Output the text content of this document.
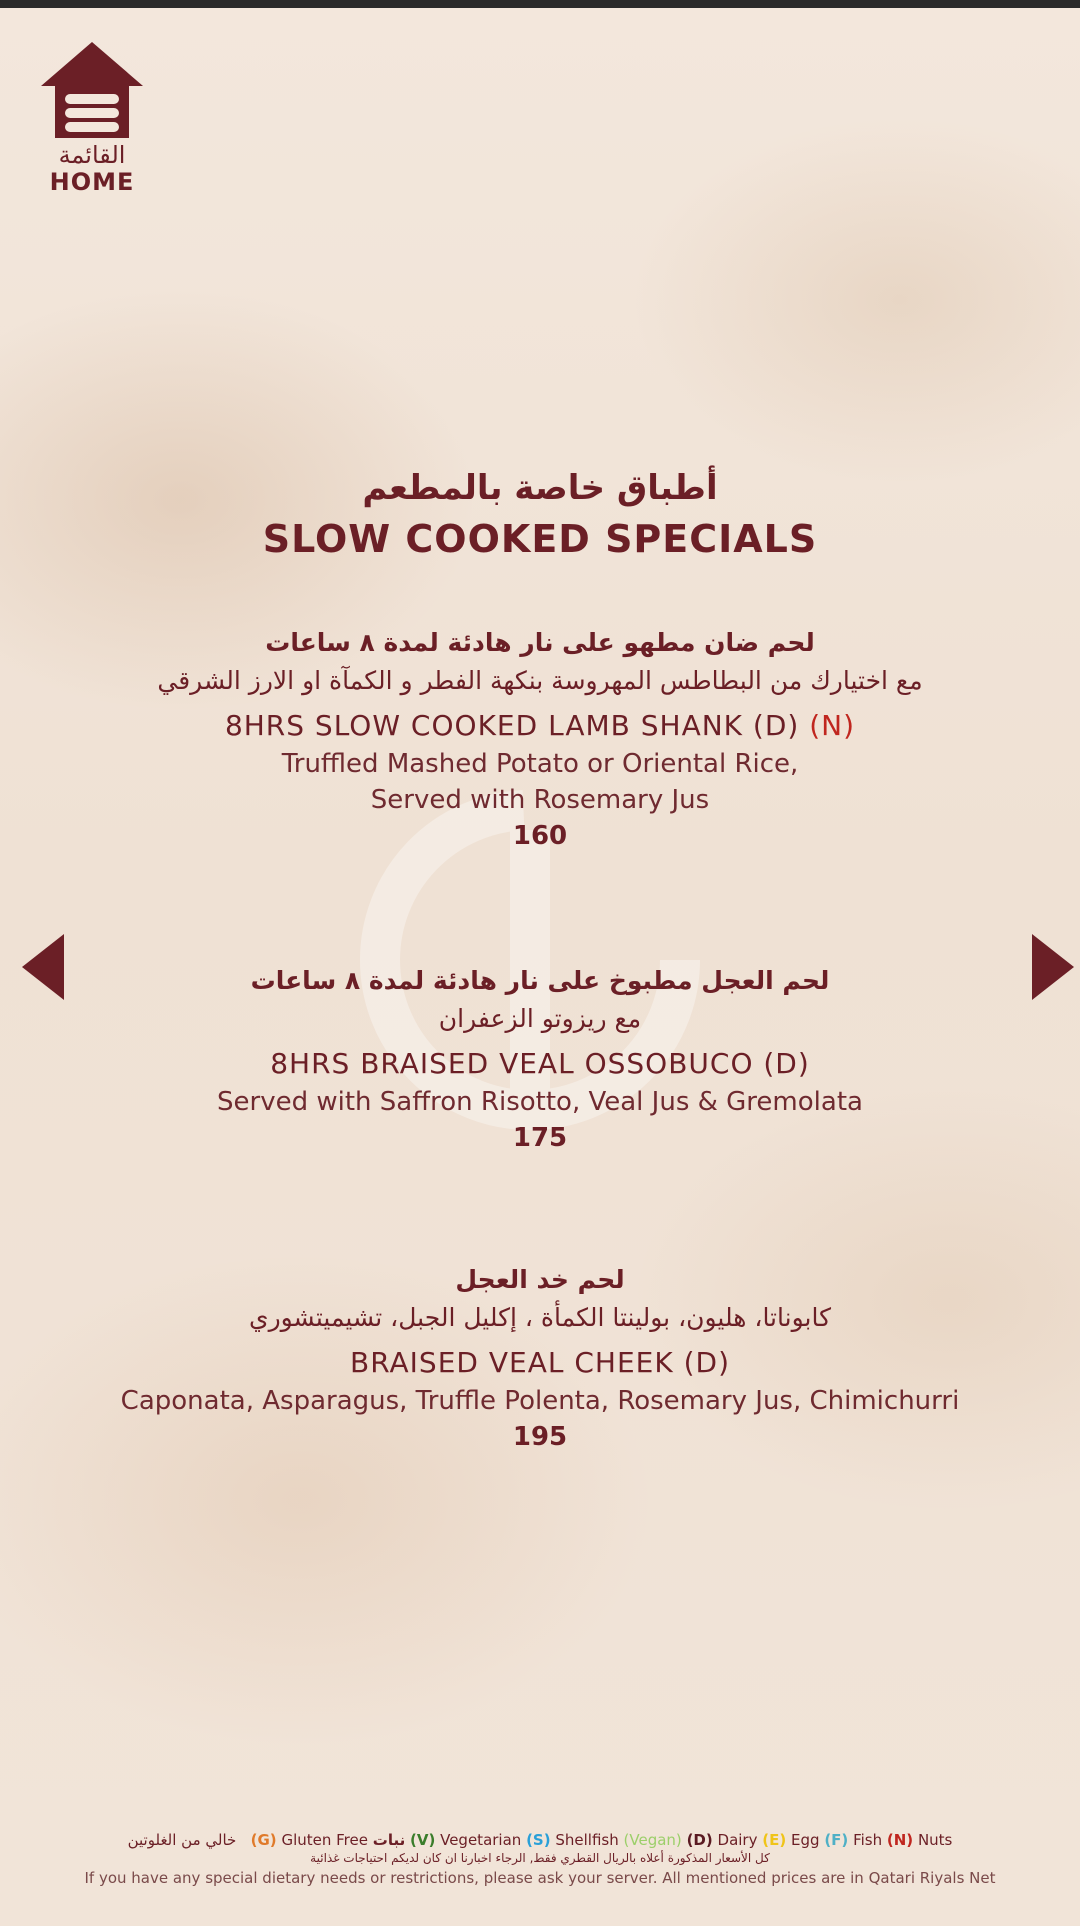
القائمة
HOME
أطباق خاصة بالمطعم
SLOW COOKED SPECIALS
لحم ضان مطهو على نار هادئة لمدة ٨ ساعات
مع اختيارك من البطاطس المهروسة بنكهة الفطر و الكمآة او الارز الشرقي
8HRS SLOW COOKED LAMB SHANK (D) (N)
Truffled Mashed Potato or Oriental Rice,
Served with Rosemary Jus
160
لحم العجل مطبوخ على نار هادئة لمدة ٨ ساعات
مع ريزوتو الزعفران
8HRS BRAISED VEAL OSSOBUCO (D)
Served with Saffron Risotto, Veal Jus & Gremolata
175
لحم خد العجل
كابوناتا، هليون، بولينتا الكمأة ، إكليل الجبل، تشيميتشوري
BRAISED VEAL CHEEK (D)
Caponata, Asparagus, Truffle Polenta, Rosemary Jus, Chimichurri
195
خالي من الغلوتين (G) Gluten Free نبات (V) Vegetarian (S) Shellfish (Vegan) (D) Dairy (E) Egg (F) Fish (N) Nuts
كل الأسعار المذكورة أعلاه بالريال القطري فقط, الرجاء اخبارنا ان كان لديكم احتياجات غذائية
If you have any special dietary needs or restrictions, please ask your server. All mentioned prices are in Qatari Riyals Net
